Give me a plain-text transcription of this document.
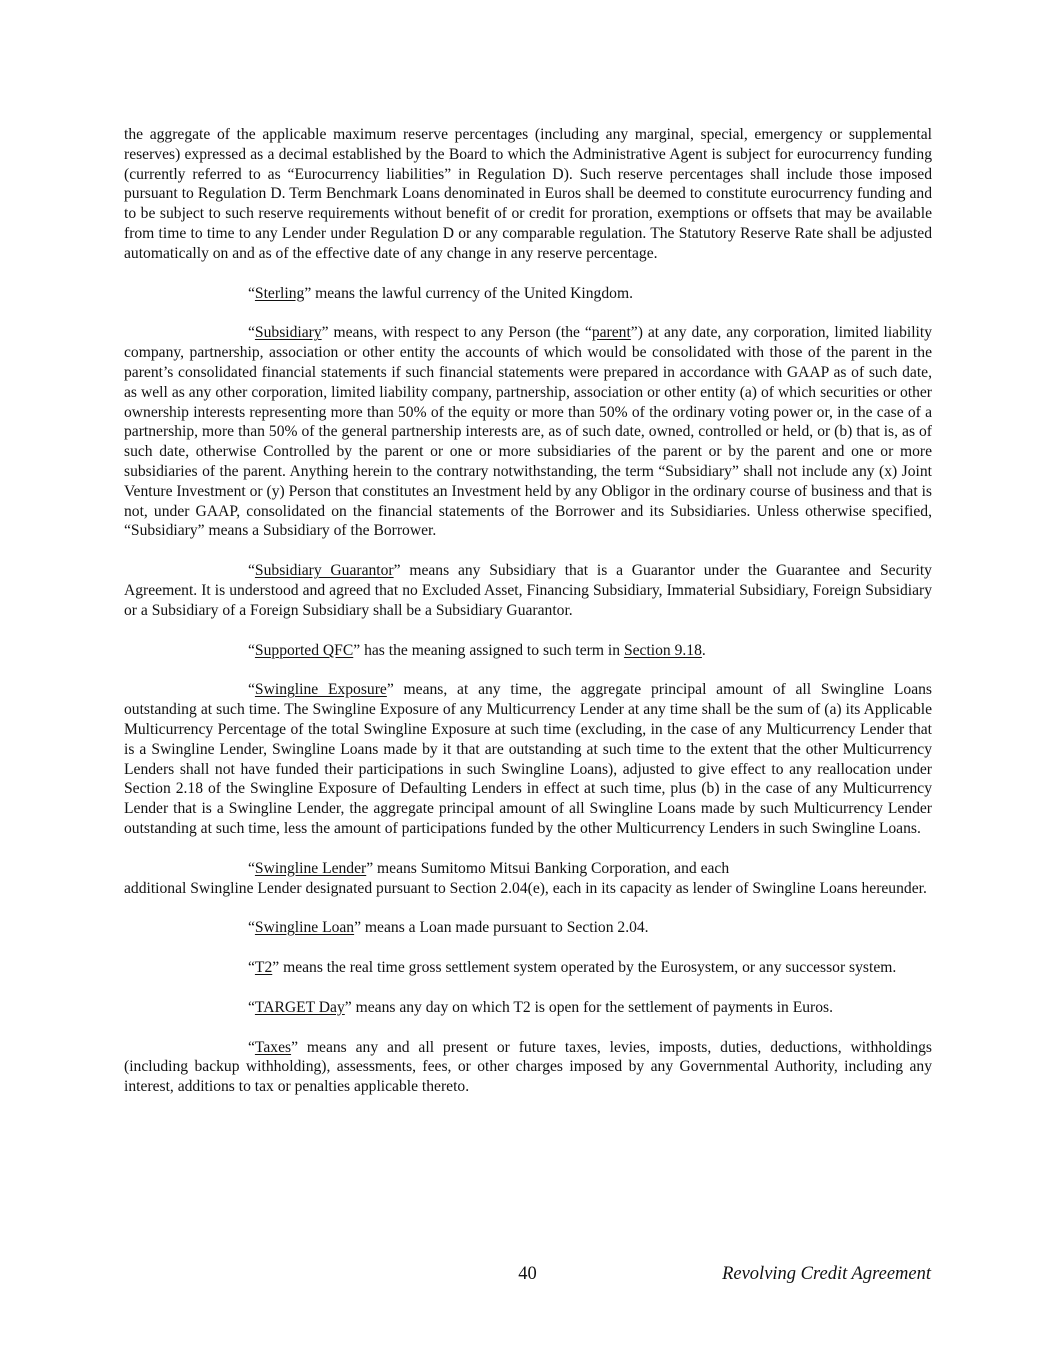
the aggregate of the applicable maximum reserve percentages (including any marginal, special, emergency or supplemental reserves) expressed as a decimal established by the Board to which the Administrative Agent is subject for eurocurrency funding (currently referred to as “Eurocurrency liabilities” in Regulation D). Such reserve percentages shall include those imposed pursuant to Regulation D. Term Benchmark Loans denominated in Euros shall be deemed to constitute eurocurrency funding and to be subject to such reserve requirements without benefit of or credit for proration, exemptions or offsets that may be available from time to time to any Lender under Regulation D or any comparable regulation. The Statutory Reserve Rate shall be adjusted automatically on and as of the effective date of any change in any reserve percentage.

“Sterling” means the lawful currency of the United Kingdom.

“Subsidiary” means, with respect to any Person (the “parent”) at any date, any corporation, limited liability company, partnership, association or other entity the accounts of which would be consolidated with those of the parent in the parent’s consolidated financial statements if such financial statements were prepared in accordance with GAAP as of such date, as well as any other corporation, limited liability company, partnership, association or other entity (a) of which securities or other ownership interests representing more than 50% of the equity or more than 50% of the ordinary voting power or, in the case of a partnership, more than 50% of the general partnership interests are, as of such date, owned, controlled or held, or (b) that is, as of such date, otherwise Controlled by the parent or one or more subsidiaries of the parent or by the parent and one or more subsidiaries of the parent. Anything herein to the contrary notwithstanding, the term “Subsidiary” shall not include any (x) Joint Venture Investment or (y) Person that constitutes an Investment held by any Obligor in the ordinary course of business and that is not, under GAAP, consolidated on the financial statements of the Borrower and its Subsidiaries. Unless otherwise specified, “Subsidiary” means a Subsidiary of the Borrower.

“Subsidiary Guarantor” means any Subsidiary that is a Guarantor under the Guarantee and Security Agreement. It is understood and agreed that no Excluded Asset, Financing Subsidiary, Immaterial Subsidiary, Foreign Subsidiary or a Subsidiary of a Foreign Subsidiary shall be a Subsidiary Guarantor.

“Supported QFC” has the meaning assigned to such term in Section 9.18.

“Swingline Exposure” means, at any time, the aggregate principal amount of all Swingline Loans outstanding at such time. The Swingline Exposure of any Multicurrency Lender at any time shall be the sum of (a) its Applicable Multicurrency Percentage of the total Swingline Exposure at such time (excluding, in the case of any Multicurrency Lender that is a Swingline Lender, Swingline Loans made by it that are outstanding at such time to the extent that the other Multicurrency Lenders shall not have funded their participations in such Swingline Loans), adjusted to give effect to any reallocation under Section 2.18 of the Swingline Exposure of Defaulting Lenders in effect at such time, plus (b) in the case of any Multicurrency Lender that is a Swingline Lender, the aggregate principal amount of all Swingline Loans made by such Multicurrency Lender outstanding at such time, less the amount of participations funded by the other Multicurrency Lenders in such Swingline Loans.

“Swingline Lender” means Sumitomo Mitsui Banking Corporation, and each
additional Swingline Lender designated pursuant to Section 2.04(e), each in its capacity as lender of Swingline Loans hereunder.

“Swingline Loan” means a Loan made pursuant to Section 2.04.

“T2” means the real time gross settlement system operated by the Eurosystem, or any successor system.

“TARGET Day” means any day on which T2 is open for the settlement of payments in Euros.

“Taxes” means any and all present or future taxes, levies, imposts, duties, deductions, withholdings (including backup withholding), assessments, fees, or other charges imposed by any Governmental Authority, including any interest, additions to tax or penalties applicable thereto.

40	Revolving Credit Agreement
